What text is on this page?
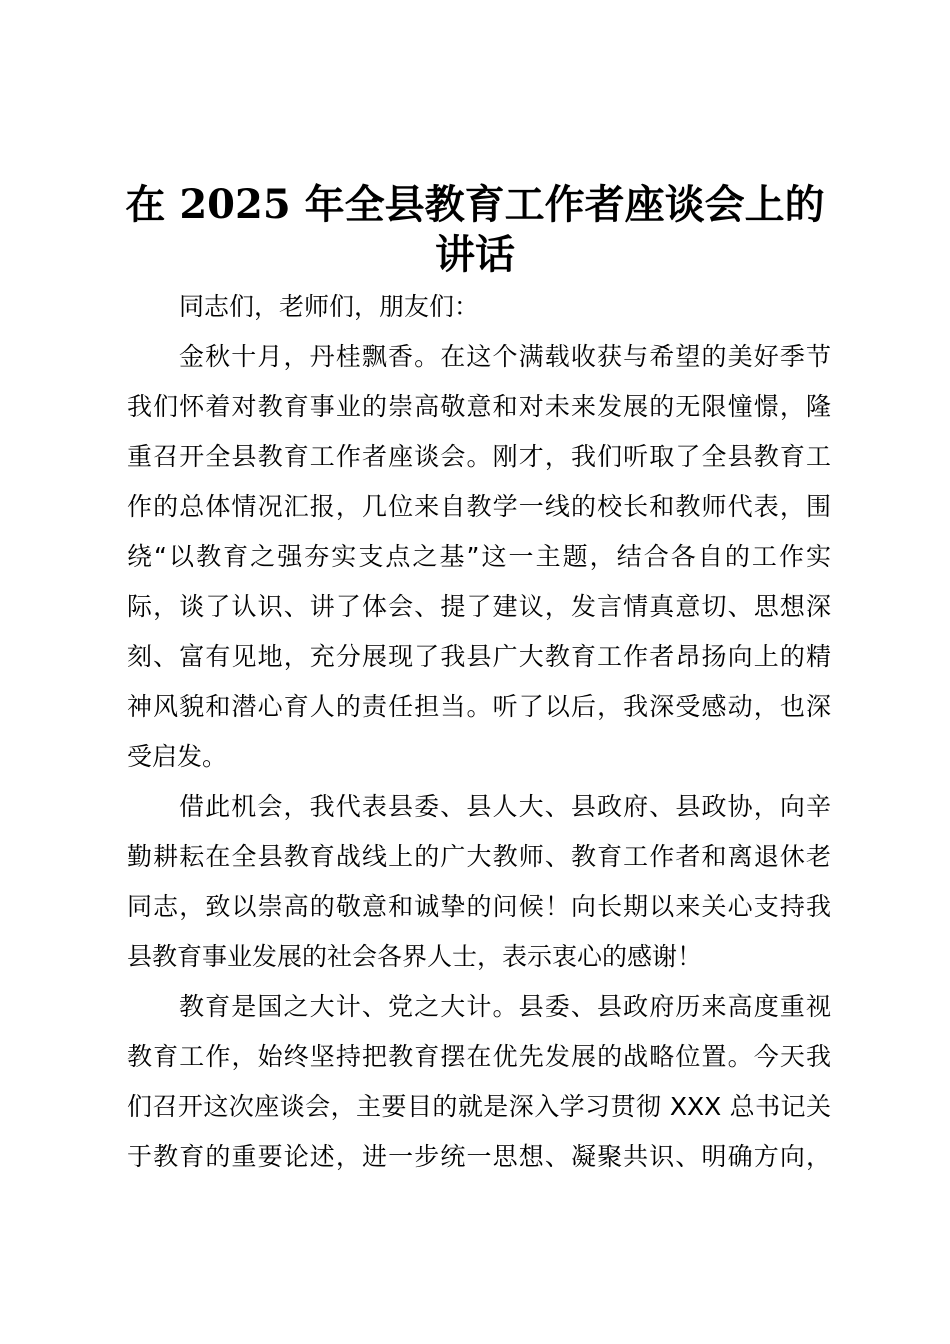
在 2025 年全县教育工作者座谈会上的
讲话

同志们，老师们，朋友们：

金秋十月，丹桂飘香。在这个满载收获与希望的美好季节
我们怀着对教育事业的崇高敬意和对未来发展的无限憧憬，隆
重召开全县教育工作者座谈会。刚才，我们听取了全县教育工
作的总体情况汇报，几位来自教学一线的校长和教师代表，围
绕“以教育之强夯实支点之基”这一主题，结合各自的工作实
际，谈了认识、讲了体会、提了建议，发言情真意切、思想深
刻、富有见地，充分展现了我县广大教育工作者昂扬向上的精
神风貌和潜心育人的责任担当。听了以后，我深受感动，也深
受启发。
借此机会，我代表县委、县人大、县政府、县政协，向辛
勤耕耘在全县教育战线上的广大教师、教育工作者和离退休老
同志，致以崇高的敬意和诚挚的问候！向长期以来关心支持我
县教育事业发展的社会各界人士，表示衷心的感谢！
教育是国之大计、党之大计。县委、县政府历来高度重视
教育工作，始终坚持把教育摆在优先发展的战略位置。今天我
们召开这次座谈会，主要目的就是深入学习贯彻 XXX 总书记关
于教育的重要论述，进一步统一思想、凝聚共识、明确方向，
